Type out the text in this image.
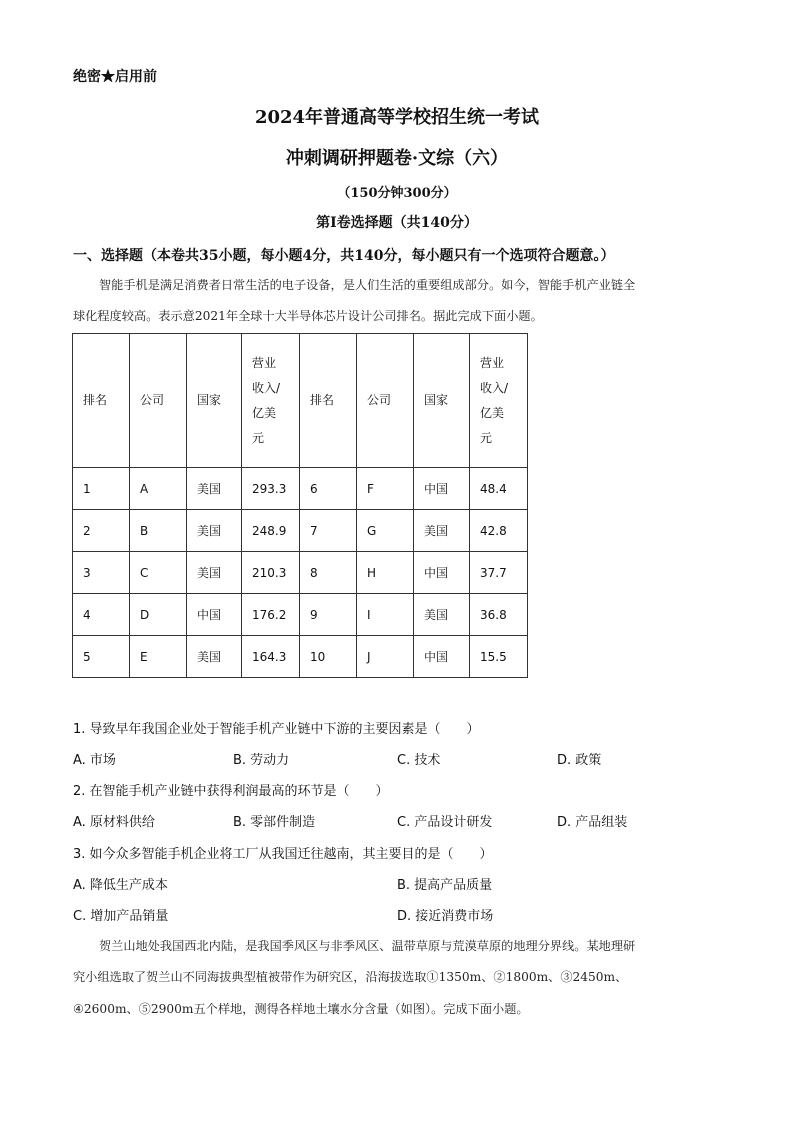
绝密★启用前
2024年普通高等学校招生统一考试
冲刺调研押题卷·文综（六）
（150分钟300分）
第Ⅰ卷选择题（共140分）
一、选择题（本卷共35小题，每小题4分，共140分，每小题只有一个选项符合题意。）
智能手机是满足消费者日常生活的电子设备，是人们生活的重要组成部分。如今，智能手机产业链全
球化程度较高。表示意2021年全球十大半导体芯片设计公司排名。据此完成下面小题。
排名	公司	国家	营业
收入/
亿美
元	排名	公司	国家	营业
收入/
亿美
元
1	A	美国	293.3	6	F	中国	48.4
2	B	美国	248.9	7	G	美国	42.8
3	C	美国	210.3	8	H	中国	37.7
4	D	中国	176.2	9	I	美国	36.8
5	E	美国	164.3	10	J	中国	15.5
1. 导致早年我国企业处于智能手机产业链中下游的主要因素是（　　）
A. 市场	B. 劳动力	C. 技术	D. 政策
2. 在智能手机产业链中获得利润最高的环节是（　　）
A. 原材料供给	B. 零部件制造	C. 产品设计研发	D. 产品组装
3. 如今众多智能手机企业将工厂从我国迁往越南，其主要目的是（　　）
A. 降低生产成本	B. 提高产品质量
C. 增加产品销量	D. 接近消费市场
贺兰山地处我国西北内陆，是我国季风区与非季风区、温带草原与荒漠草原的地理分界线。某地理研
究小组选取了贺兰山不同海拔典型植被带作为研究区，沿海拔选取①1350m、②1800m、③2450m、
④2600m、⑤2900m五个样地，测得各样地土壤水分含量（如图）。完成下面小题。
